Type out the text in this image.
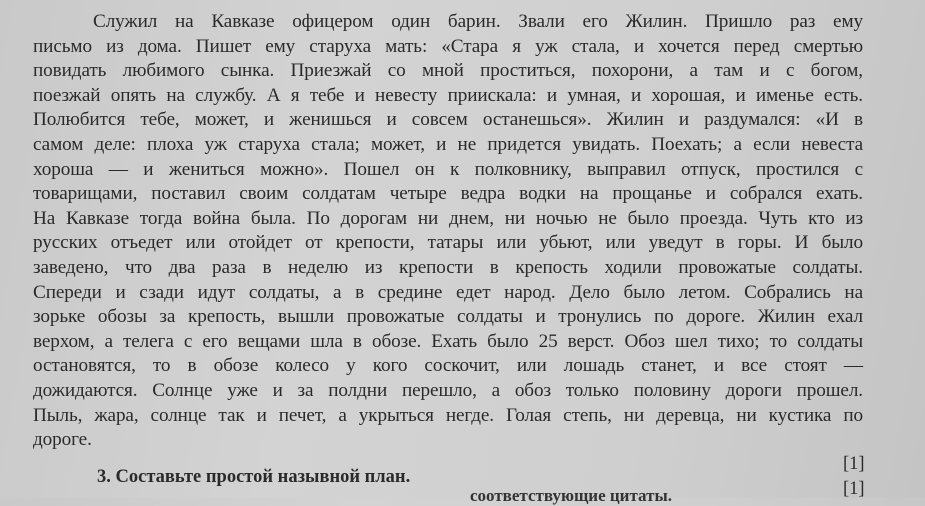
Служил на Кавказе офицером один барин. Звали его Жилин. Пришло раз ему
письмо из дома. Пишет ему старуха мать: «Стара я уж стала, и хочется перед смертью
повидать любимого сынка. Приезжай со мной проститься, похорони, а там и с богом,
поезжай опять на службу. А я тебе и невесту приискала: и умная, и хорошая, и именье есть.
Полюбится тебе, может, и женишься и совсем останешься». Жилин и раздумался: «И в
самом деле: плоха уж старуха стала; может, и не придется увидать. Поехать; а если невеста
хороша — и жениться можно». Пошел он к полковнику, выправил отпуск, простился с
товарищами, поставил своим солдатам четыре ведра водки на прощанье и собрался ехать.
На Кавказе тогда война была. По дорогам ни днем, ни ночью не было проезда. Чуть кто из
русских отъедет или отойдет от крепости, татары или убьют, или уведут в горы. И было
заведено, что два раза в неделю из крепости в крепость ходили провожатые солдаты.
Спереди и сзади идут солдаты, а в средине едет народ. Дело было летом. Собрались на
зорьке обозы за крепость, вышли провожатые солдаты и тронулись по дороге. Жилин ехал
верхом, а телега с его вещами шла в обозе. Ехать было 25 верст. Обоз шел тихо; то солдаты
остановятся, то в обозе колесо у кого соскочит, или лошадь станет, и все стоят —
дожидаются. Солнце уже и за полдни перешло, а обоз только половину дороги прошел.
Пыль, жара, солнце так и печет, а укрыться негде. Голая степь, ни деревца, ни кустика по
дороге.
3. Составьте простой назывной план.
[1]
соответствующие цитаты.	[1]
